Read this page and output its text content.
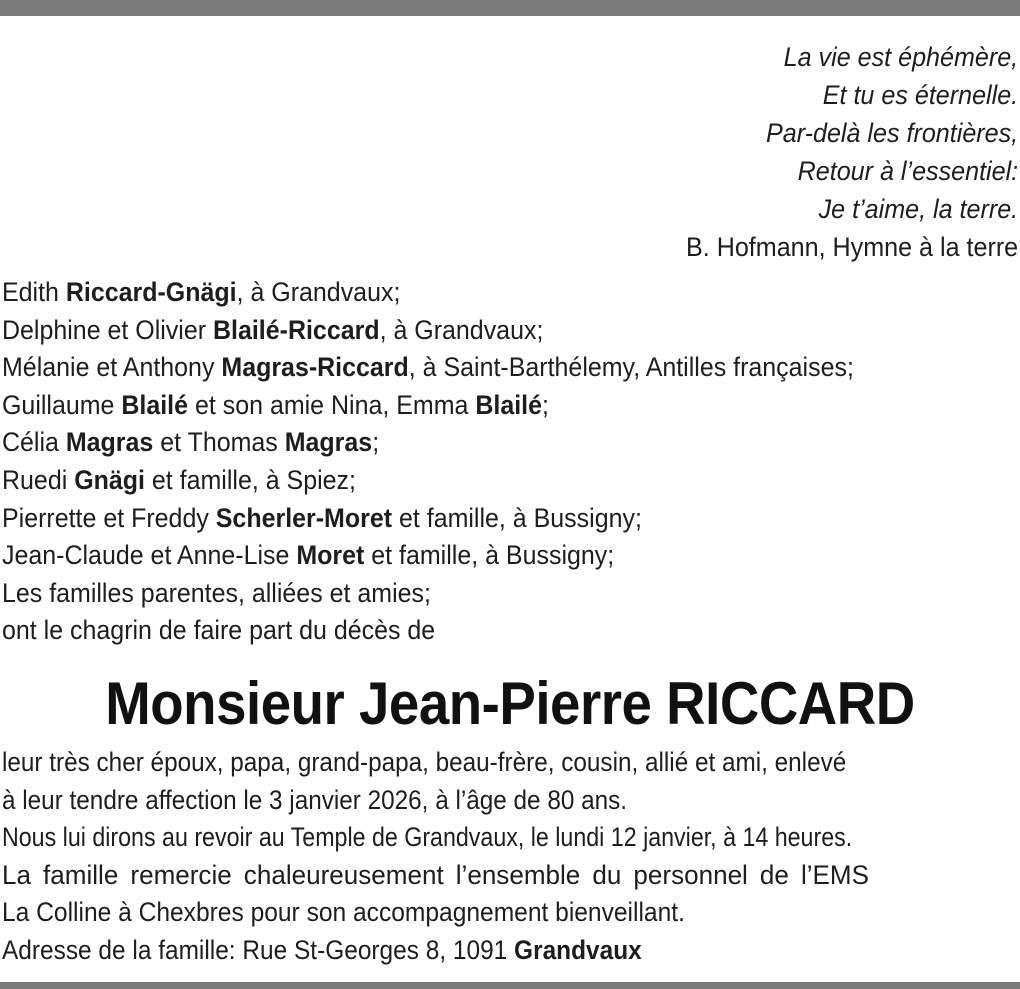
La vie est éphémère,
Et tu es éternelle.
Par-delà les frontières,
Retour à l’essentiel:
Je t’aime, la terre.
B. Hofmann, Hymne à la terre
Edith Riccard-Gnägi, à Grandvaux;
Delphine et Olivier Blailé-Riccard, à Grandvaux;
Mélanie et Anthony Magras-Riccard, à Saint-Barthélemy, Antilles françaises;
Guillaume Blailé et son amie Nina, Emma Blailé;
Célia Magras et Thomas Magras;
Ruedi Gnägi et famille, à Spiez;
Pierrette et Freddy Scherler-Moret et famille, à Bussigny;
Jean-Claude et Anne-Lise Moret et famille, à Bussigny;
Les familles parentes, alliées et amies;
ont le chagrin de faire part du décès de
Monsieur Jean-Pierre RICCARD
leur très cher époux, papa, grand-papa, beau-frère, cousin, allié et ami, enlevé
à leur tendre affection le 3 janvier 2026, à l’âge de 80 ans.
Nous lui dirons au revoir au Temple de Grandvaux, le lundi 12 janvier, à 14 heures.
La famille remercie chaleureusement l’ensemble du personnel de l’EMS
La Colline à Chexbres pour son accompagnement bienveillant.
Adresse de la famille: Rue St-Georges 8, 1091 Grandvaux
